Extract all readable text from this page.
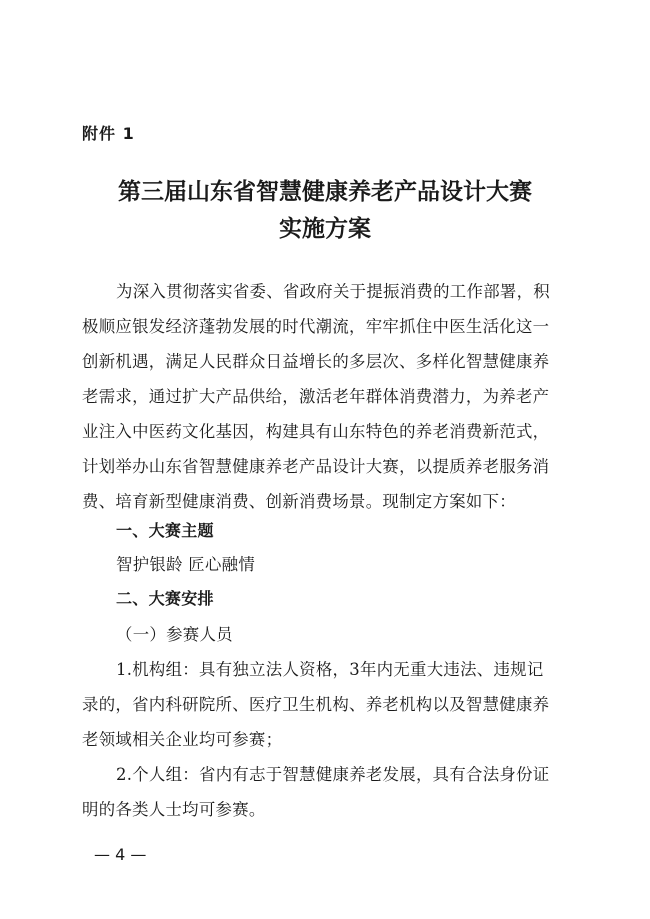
附件 1
第三届山东省智慧健康养老产品设计大赛
实施方案
为深入贯彻落实省委、省政府关于提振消费的工作部署，积
极顺应银发经济蓬勃发展的时代潮流，牢牢抓住中医生活化这一
创新机遇，满足人民群众日益增长的多层次、多样化智慧健康养
老需求，通过扩大产品供给，激活老年群体消费潜力，为养老产
业注入中医药文化基因，构建具有山东特色的养老消费新范式，
计划举办山东省智慧健康养老产品设计大赛，以提质养老服务消
费、培育新型健康消费、创新消费场景。现制定方案如下：
一、大赛主题
智护银龄 匠心融情
二、大赛安排
（一）参赛人员
1.机构组：具有独立法人资格，3年内无重大违法、违规记
录的，省内科研院所、医疗卫生机构、养老机构以及智慧健康养
老领域相关企业均可参赛；
2.个人组：省内有志于智慧健康养老发展，具有合法身份证
明的各类人士均可参赛。
— 4 —
